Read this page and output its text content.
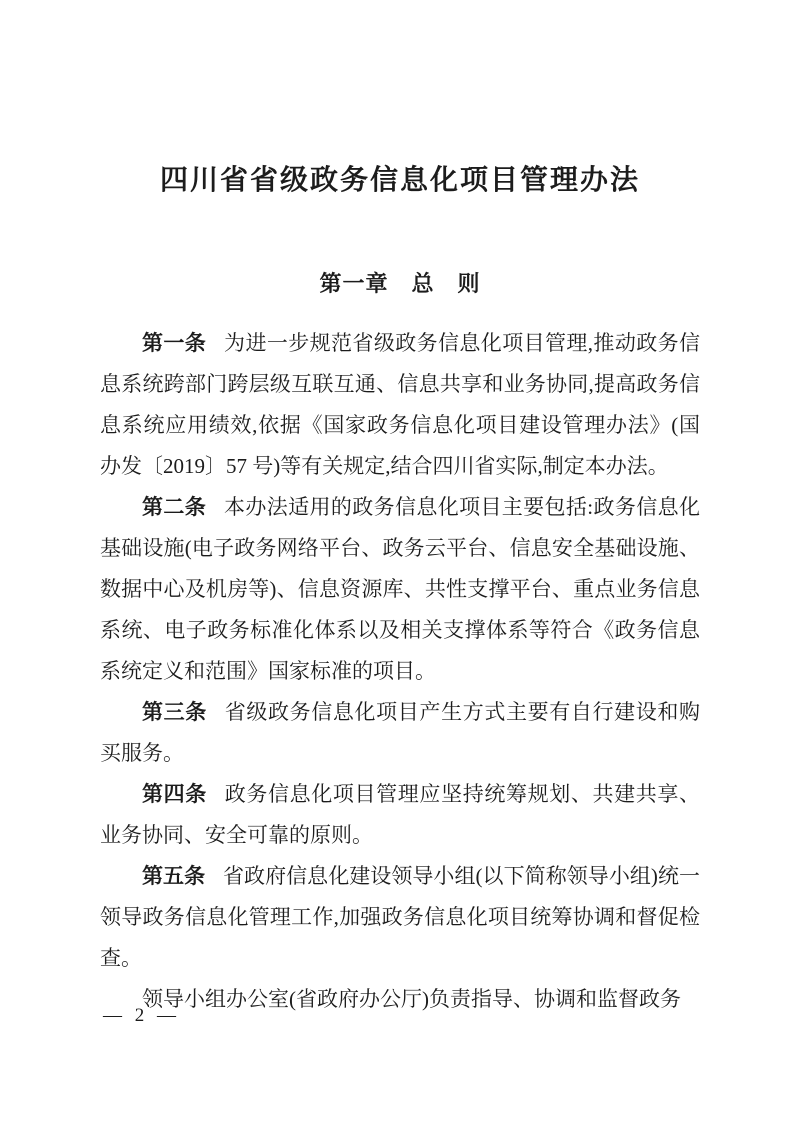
四川省省级政务信息化项目管理办法
第一章　总　则

第一条 为进一步规范省级政务信息化项目管理,推动政务信息系统跨部门跨层级互联互通、信息共享和业务协同,提高政务信息系统应用绩效,依据《国家政务信息化项目建设管理办法》(国办发〔2019〕57 号)等有关规定,结合四川省实际,制定本办法。

第二条 本办法适用的政务信息化项目主要包括:政务信息化基础设施(电子政务网络平台、政务云平台、信息安全基础设施、数据中心及机房等)、信息资源库、共性支撑平台、重点业务信息系统、电子政务标准化体系以及相关支撑体系等符合《政务信息系统定义和范围》国家标准的项目。

第三条 省级政务信息化项目产生方式主要有自行建设和购买服务。

第四条 政务信息化项目管理应坚持统筹规划、共建共享、业务协同、安全可靠的原则。

第五条 省政府信息化建设领导小组(以下简称领导小组)统一领导政务信息化管理工作,加强政务信息化项目统筹协调和督促检查。

领导小组办公室(省政府办公厅)负责指导、协调和监督政务

— 2 —
